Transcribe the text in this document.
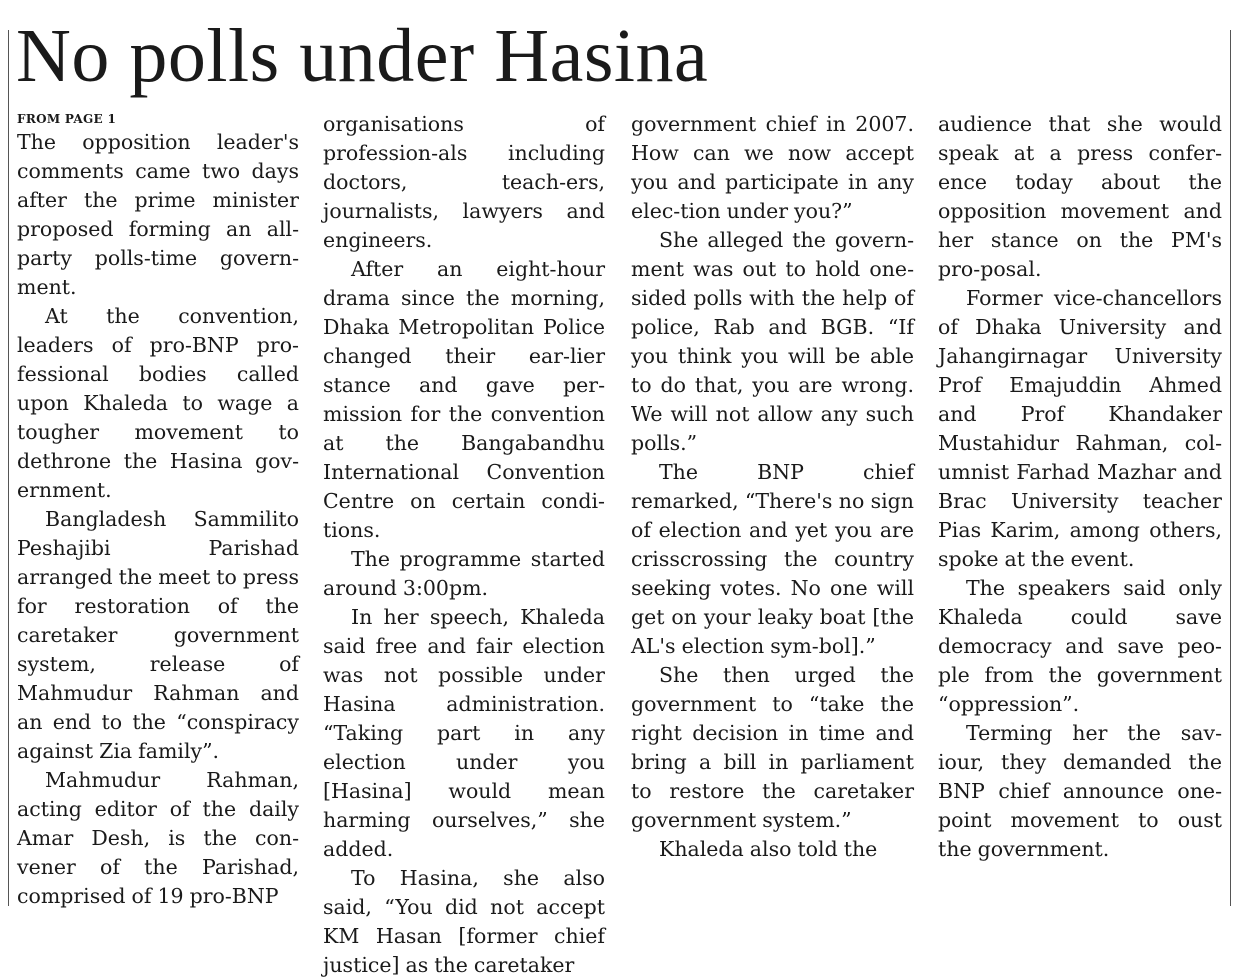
No polls under Hasina
FROM PAGE 1

The opposition leader's comments came two days after the prime minister proposed forming an all-party polls-time govern-ment.

At the convention, leaders of pro-BNP pro-fessional bodies called upon Khaleda to wage a tougher movement to dethrone the Hasina gov-ernment.

Bangladesh Sammilito Peshajibi Parishad arranged the meet to press for restoration of the caretaker government system, release of Mahmudur Rahman and an end to the “conspiracy against Zia family”.

Mahmudur Rahman, acting editor of the daily Amar Desh, is the con-vener of the Parishad, comprised of 19 pro-BNP

organisations of profession-als including doctors, teach-ers, journalists, lawyers and engineers.

After an eight-hour drama since the morning, Dhaka Metropolitan Police changed their ear-lier stance and gave per-mission for the convention at the Bangabandhu International Convention Centre on certain condi-tions.

The programme started around 3:00pm.

In her speech, Khaleda said free and fair election was not possible under Hasina administration. “Taking part in any election under you [Hasina] would mean harming ourselves,” she added.

To Hasina, she also said, “You did not accept KM Hasan [former chief justice] as the caretaker

government chief in 2007. How can we now accept you and participate in any elec-tion under you?”

She alleged the govern-ment was out to hold one-sided polls with the help of police, Rab and BGB. “If you think you will be able to do that, you are wrong. We will not allow any such polls.”

The BNP chief remarked, “There's no sign of election and yet you are crisscrossing the country seeking votes. No one will get on your leaky boat [the AL's election sym-bol].”

She then urged the government to “take the right decision in time and bring a bill in parliament to restore the caretaker government system.”

Khaleda also told the

audience that she would speak at a press confer-ence today about the opposition movement and her stance on the PM's pro-posal.

Former vice-chancellors of Dhaka University and Jahangirnagar University Prof Emajuddin Ahmed and Prof Khandaker Mustahidur Rahman, col-umnist Farhad Mazhar and Brac University teacher Pias Karim, among others, spoke at the event.

The speakers said only Khaleda could save democracy and save peo-ple from the government “oppression”.

Terming her the sav-iour, they demanded the BNP chief announce one-point movement to oust the government.
